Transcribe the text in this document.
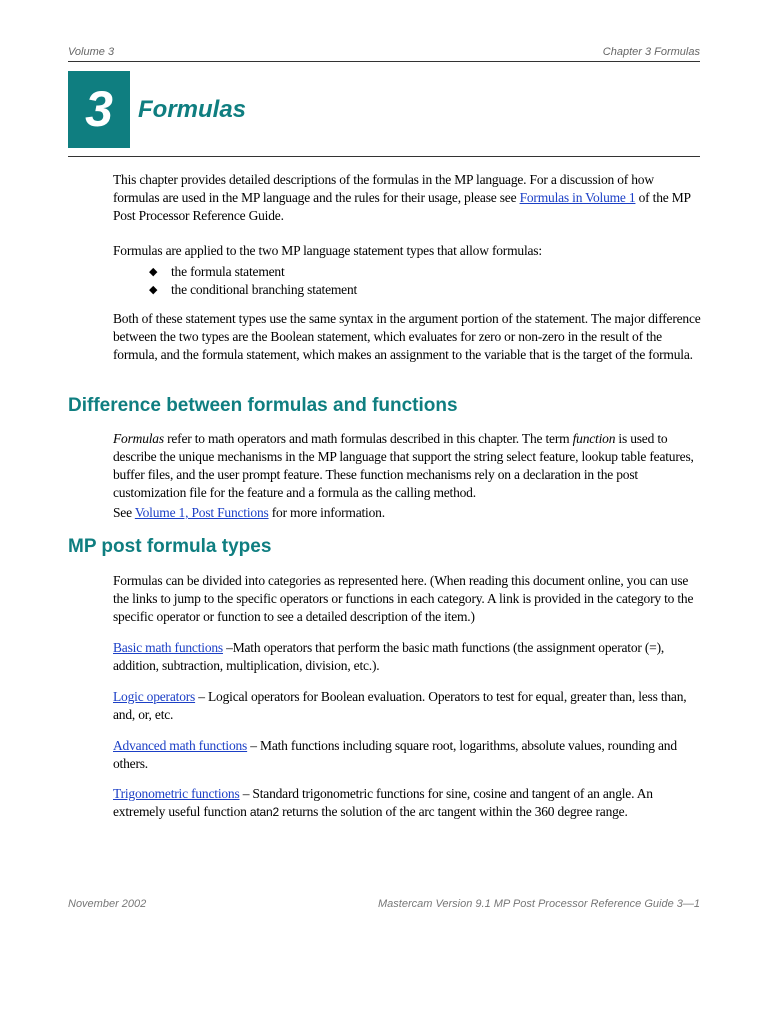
Volume 3	Chapter 3 Formulas
3	Formulas
This chapter provides detailed descriptions of the formulas in the MP language. For a discussion of how formulas are used in the MP language and the rules for their usage, please see Formulas in Volume 1 of the MP Post Processor Reference Guide.
Formulas are applied to the two MP language statement types that allow formulas:
◆ the formula statement
◆ the conditional branching statement
Both of these statement types use the same syntax in the argument portion of the statement. The major difference between the two types are the Boolean statement, which evaluates for zero or non-zero in the result of the formula, and the formula statement, which makes an assignment to the variable that is the target of the formula.
Difference between formulas and functions
Formulas refer to math operators and math formulas described in this chapter. The term function is used to describe the unique mechanisms in the MP language that support the string select feature, lookup table features, buffer files, and the user prompt feature. These function mechanisms rely on a declaration in the post customization file for the feature and a formula as the calling method.
See Volume 1, Post Functions for more information.
MP post formula types
Formulas can be divided into categories as represented here. (When reading this document online, you can use the links to jump to the specific operators or functions in each category. A link is provided in the category to the specific operator or function to see a detailed description of the item.)
Basic math functions –Math operators that perform the basic math functions (the assignment operator (=), addition, subtraction, multiplication, division, etc.).
Logic operators – Logical operators for Boolean evaluation. Operators to test for equal, greater than, less than, and, or, etc.
Advanced math functions – Math functions including square root, logarithms, absolute values, rounding and others.
Trigonometric functions – Standard trigonometric functions for sine, cosine and tangent of an angle. An extremely useful function atan2 returns the solution of the arc tangent within the 360 degree range.
November 2002	Mastercam Version 9.1 MP Post Processor Reference Guide 3—1
